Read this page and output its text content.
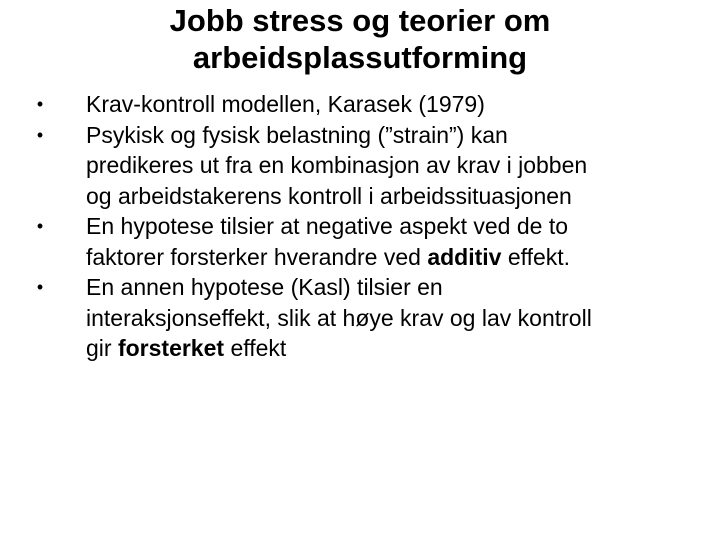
Jobb stress og teorier om
arbeidsplassutforming
• Krav-kontroll modellen, Karasek (1979)
• Psykisk og fysisk belastning (”strain”) kan
predikeres ut fra en kombinasjon av krav i jobben
og arbeidstakerens kontroll i arbeidssituasjonen
• En hypotese tilsier at negative aspekt ved de to
faktorer forsterker hverandre ved additiv effekt.
• En annen hypotese (Kasl) tilsier en
interaksjonseffekt, slik at høye krav og lav kontroll
gir forsterket effekt
